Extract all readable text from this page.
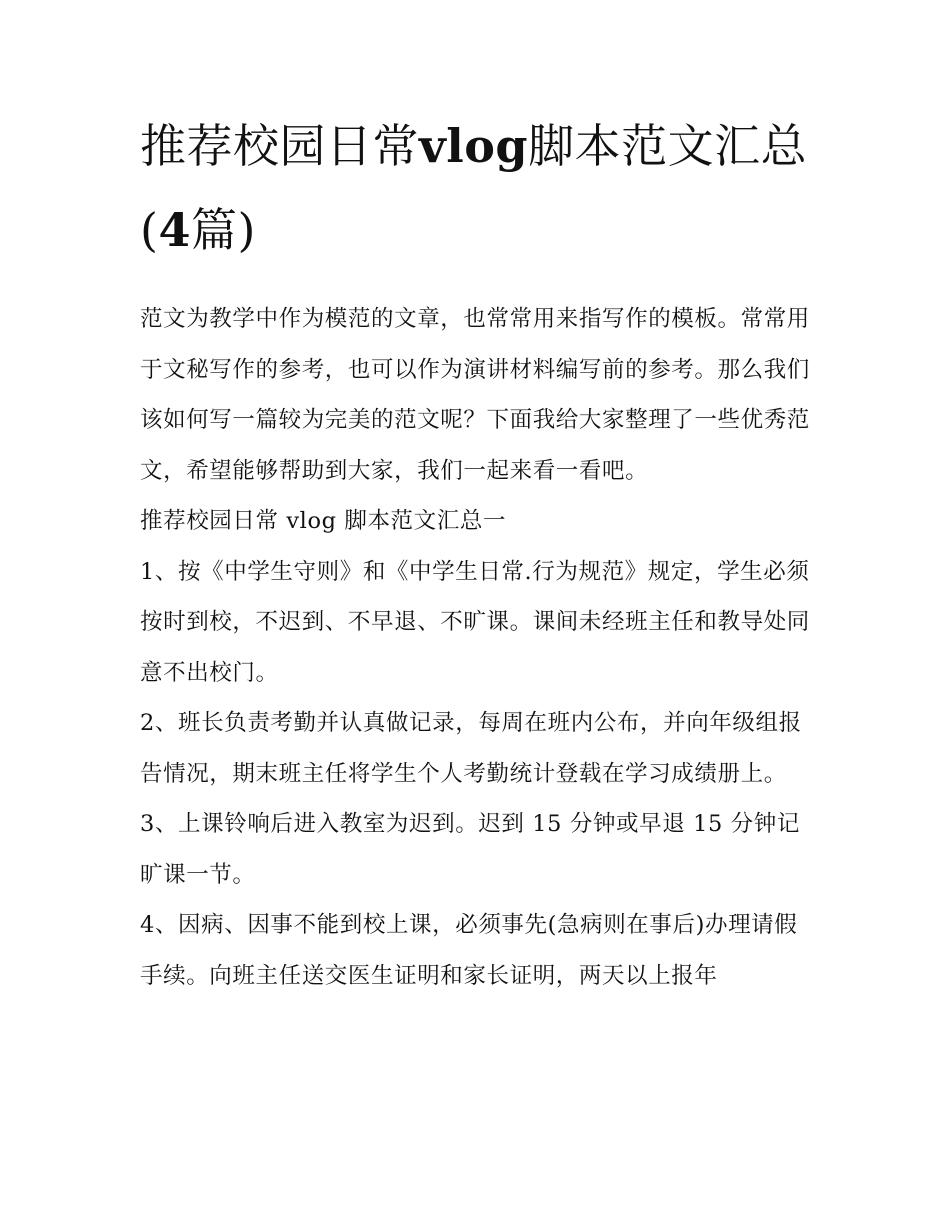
推荐校园日常vlog脚本范文汇总(4篇)

范文为教学中作为模范的文章，也常常用来指写作的模板。常常用于文秘写作的参考，也可以作为演讲材料编写前的参考。那么我们该如何写一篇较为完美的范文呢？下面我给大家整理了一些优秀范文，希望能够帮助到大家，我们一起来看一看吧。

推荐校园日常 vlog 脚本范文汇总一

1、按《中学生守则》和《中学生日常.行为规范》规定，学生必须按时到校，不迟到、不早退、不旷课。课间未经班主任和教导处同意不出校门。

2、班长负责考勤并认真做记录，每周在班内公布，并向年级组报告情况，期末班主任将学生个人考勤统计登载在学习成绩册上。

3、上课铃响后进入教室为迟到。迟到 15 分钟或早退 15 分钟记旷课一节。

4、因病、因事不能到校上课，必须事先(急病则在事后)办理请假手续。向班主任送交医生证明和家长证明，两天以上报年
